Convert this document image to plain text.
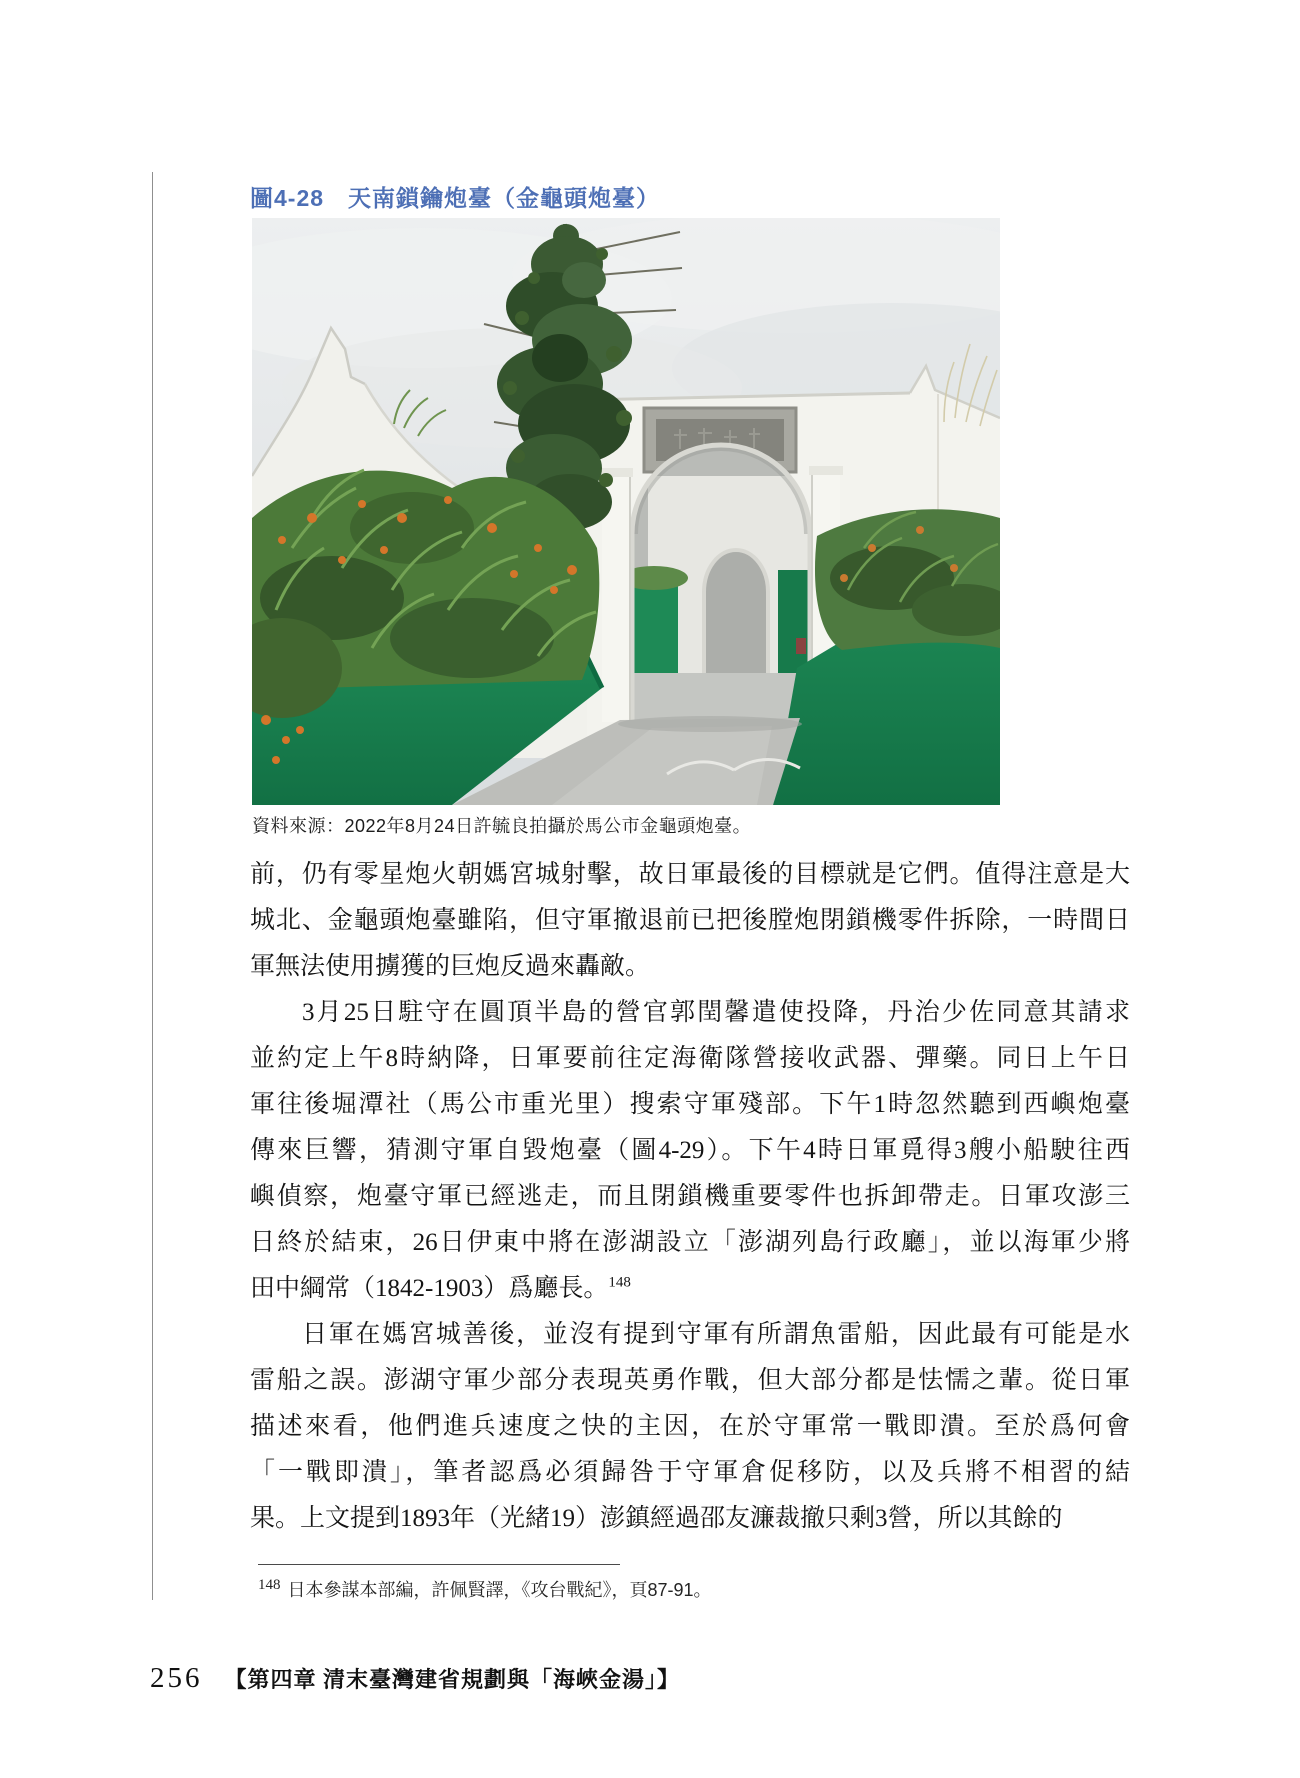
圖4-28　天南鎖鑰炮臺（金龜頭炮臺）
資料來源：2022年8月24日許毓良拍攝於馬公市金龜頭炮臺。
前，仍有零星炮火朝媽宮城射擊，故日軍最後的目標就是它們。值得注意是大
城北、金龜頭炮臺雖陷，但守軍撤退前已把後膛炮閉鎖機零件拆除，一時間日
軍無法使用擄獲的巨炮反過來轟敵。
3月25日駐守在圓頂半島的營官郭閏馨遣使投降，丹治少佐同意其請求
並約定上午8時納降，日軍要前往定海衛隊營接收武器、彈藥。同日上午日
軍往後堀潭社（馬公市重光里）搜索守軍殘部。下午1時忽然聽到西嶼炮臺
傳來巨響，猜測守軍自毀炮臺（圖4-29）。下午4時日軍覓得3艘小船駛往西
嶼偵察，炮臺守軍已經逃走，而且閉鎖機重要零件也拆卸帶走。日軍攻澎三
日終於結束，26日伊東中將在澎湖設立「澎湖列島行政廳」，並以海軍少將
田中綱常（1842-1903）爲廳長。$^{148}$
日軍在媽宮城善後，並沒有提到守軍有所謂魚雷船，因此最有可能是水
雷船之誤。澎湖守軍少部分表現英勇作戰，但大部分都是怯懦之輩。從日軍
描述來看，他們進兵速度之快的主因，在於守軍常一戰即潰。至於爲何會
「一戰即潰」，筆者認爲必須歸咎于守軍倉促移防，以及兵將不相習的結
果。上文提到1893年（光緒19）澎鎮經過邵友濂裁撤只剩3營，所以其餘的
$^{148}$ 日本參謀本部編，許佩賢譯，《攻台戰紀》，頁87-91。
256 【第四章 清末臺灣建省規劃與「海峽金湯」】
